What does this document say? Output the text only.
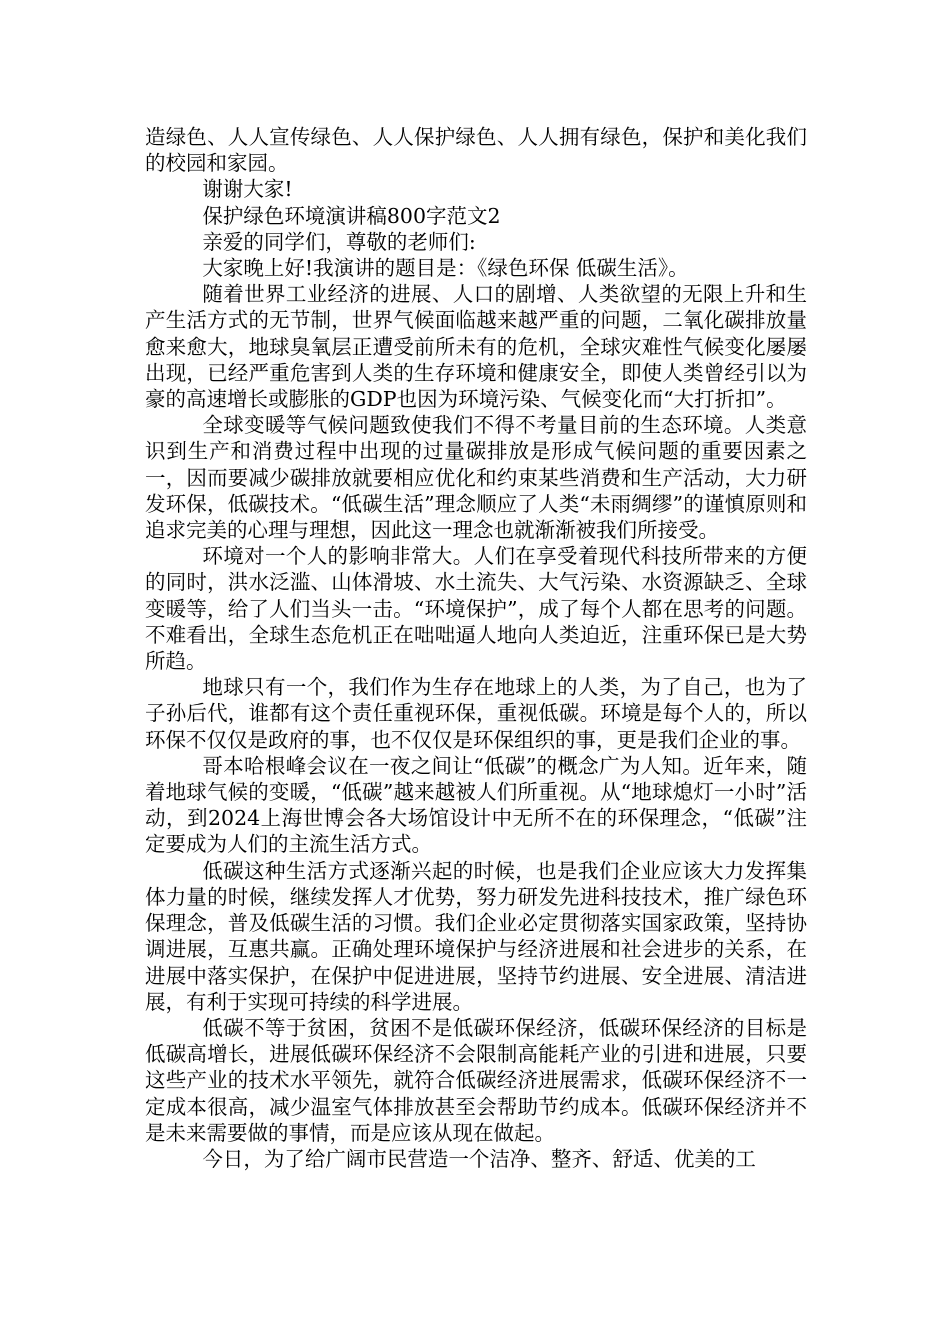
造绿色、人人宣传绿色、人人保护绿色、人人拥有绿色，保护和美化我们的校园和家园。

谢谢大家!

保护绿色环境演讲稿800字范文2

亲爱的同学们，尊敬的老师们:

大家晚上好!我演讲的题目是：《绿色环保 低碳生活》。

随着世界工业经济的进展、人口的剧增、人类欲望的无限上升和生产生活方式的无节制，世界气候面临越来越严重的问题，二氧化碳排放量愈来愈大，地球臭氧层正遭受前所未有的危机，全球灾难性气候变化屡屡出现，已经严重危害到人类的生存环境和健康安全，即使人类曾经引以为豪的高速增长或膨胀的GDP也因为环境污染、气候变化而“大打折扣”。

全球变暖等气候问题致使我们不得不考量目前的生态环境。人类意识到生产和消费过程中出现的过量碳排放是形成气候问题的重要因素之一，因而要减少碳排放就要相应优化和约束某些消费和生产活动，大力研发环保，低碳技术。“低碳生活”理念顺应了人类“未雨绸缪”的谨慎原则和追求完美的心理与理想，因此这一理念也就渐渐被我们所接受。

环境对一个人的影响非常大。人们在享受着现代科技所带来的方便的同时，洪水泛滥、山体滑坡、水土流失、大气污染、水资源缺乏、全球变暖等，给了人们当头一击。“环境保护”，成了每个人都在思考的问题。不难看出，全球生态危机正在咄咄逼人地向人类迫近，注重环保已是大势所趋。

地球只有一个，我们作为生存在地球上的人类，为了自己，也为了子孙后代，谁都有这个责任重视环保，重视低碳。环境是每个人的，所以环保不仅仅是政府的事，也不仅仅是环保组织的事，更是我们企业的事。

哥本哈根峰会议在一夜之间让“低碳”的概念广为人知。近年来，随着地球气候的变暖，“低碳”越来越被人们所重视。从“地球熄灯一小时”活动，到2024上海世博会各大场馆设计中无所不在的环保理念，“低碳”注定要成为人们的主流生活方式。

低碳这种生活方式逐渐兴起的时候，也是我们企业应该大力发挥集体力量的时候，继续发挥人才优势，努力研发先进科技技术，推广绿色环保理念，普及低碳生活的习惯。我们企业必定贯彻落实国家政策，坚持协调进展，互惠共赢。正确处理环境保护与经济进展和社会进步的关系，在进展中落实保护，在保护中促进进展，坚持节约进展、安全进展、清洁进展，有利于实现可持续的科学进展。

低碳不等于贫困，贫困不是低碳环保经济，低碳环保经济的目标是低碳高增长，进展低碳环保经济不会限制高能耗产业的引进和进展，只要这些产业的技术水平领先，就符合低碳经济进展需求，低碳环保经济不一定成本很高，减少温室气体排放甚至会帮助节约成本。低碳环保经济并不是未来需要做的事情，而是应该从现在做起。

今日，为了给广阔市民营造一个洁净、整齐、舒适、优美的工
